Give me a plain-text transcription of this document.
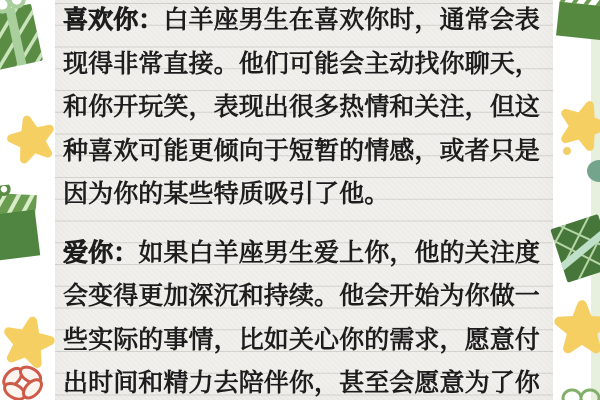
喜欢你：白羊座男生在喜欢你时，通常会表
现得非常直接。他们可能会主动找你聊天，
和你开玩笑，表现出很多热情和关注，但这
种喜欢可能更倾向于短暂的情感，或者只是
因为你的某些特质吸引了他。
爱你：如果白羊座男生爱上你，他的关注度
会变得更加深沉和持续。他会开始为你做一
些实际的事情，比如关心你的需求，愿意付
出时间和精力去陪伴你，甚至会愿意为了你
